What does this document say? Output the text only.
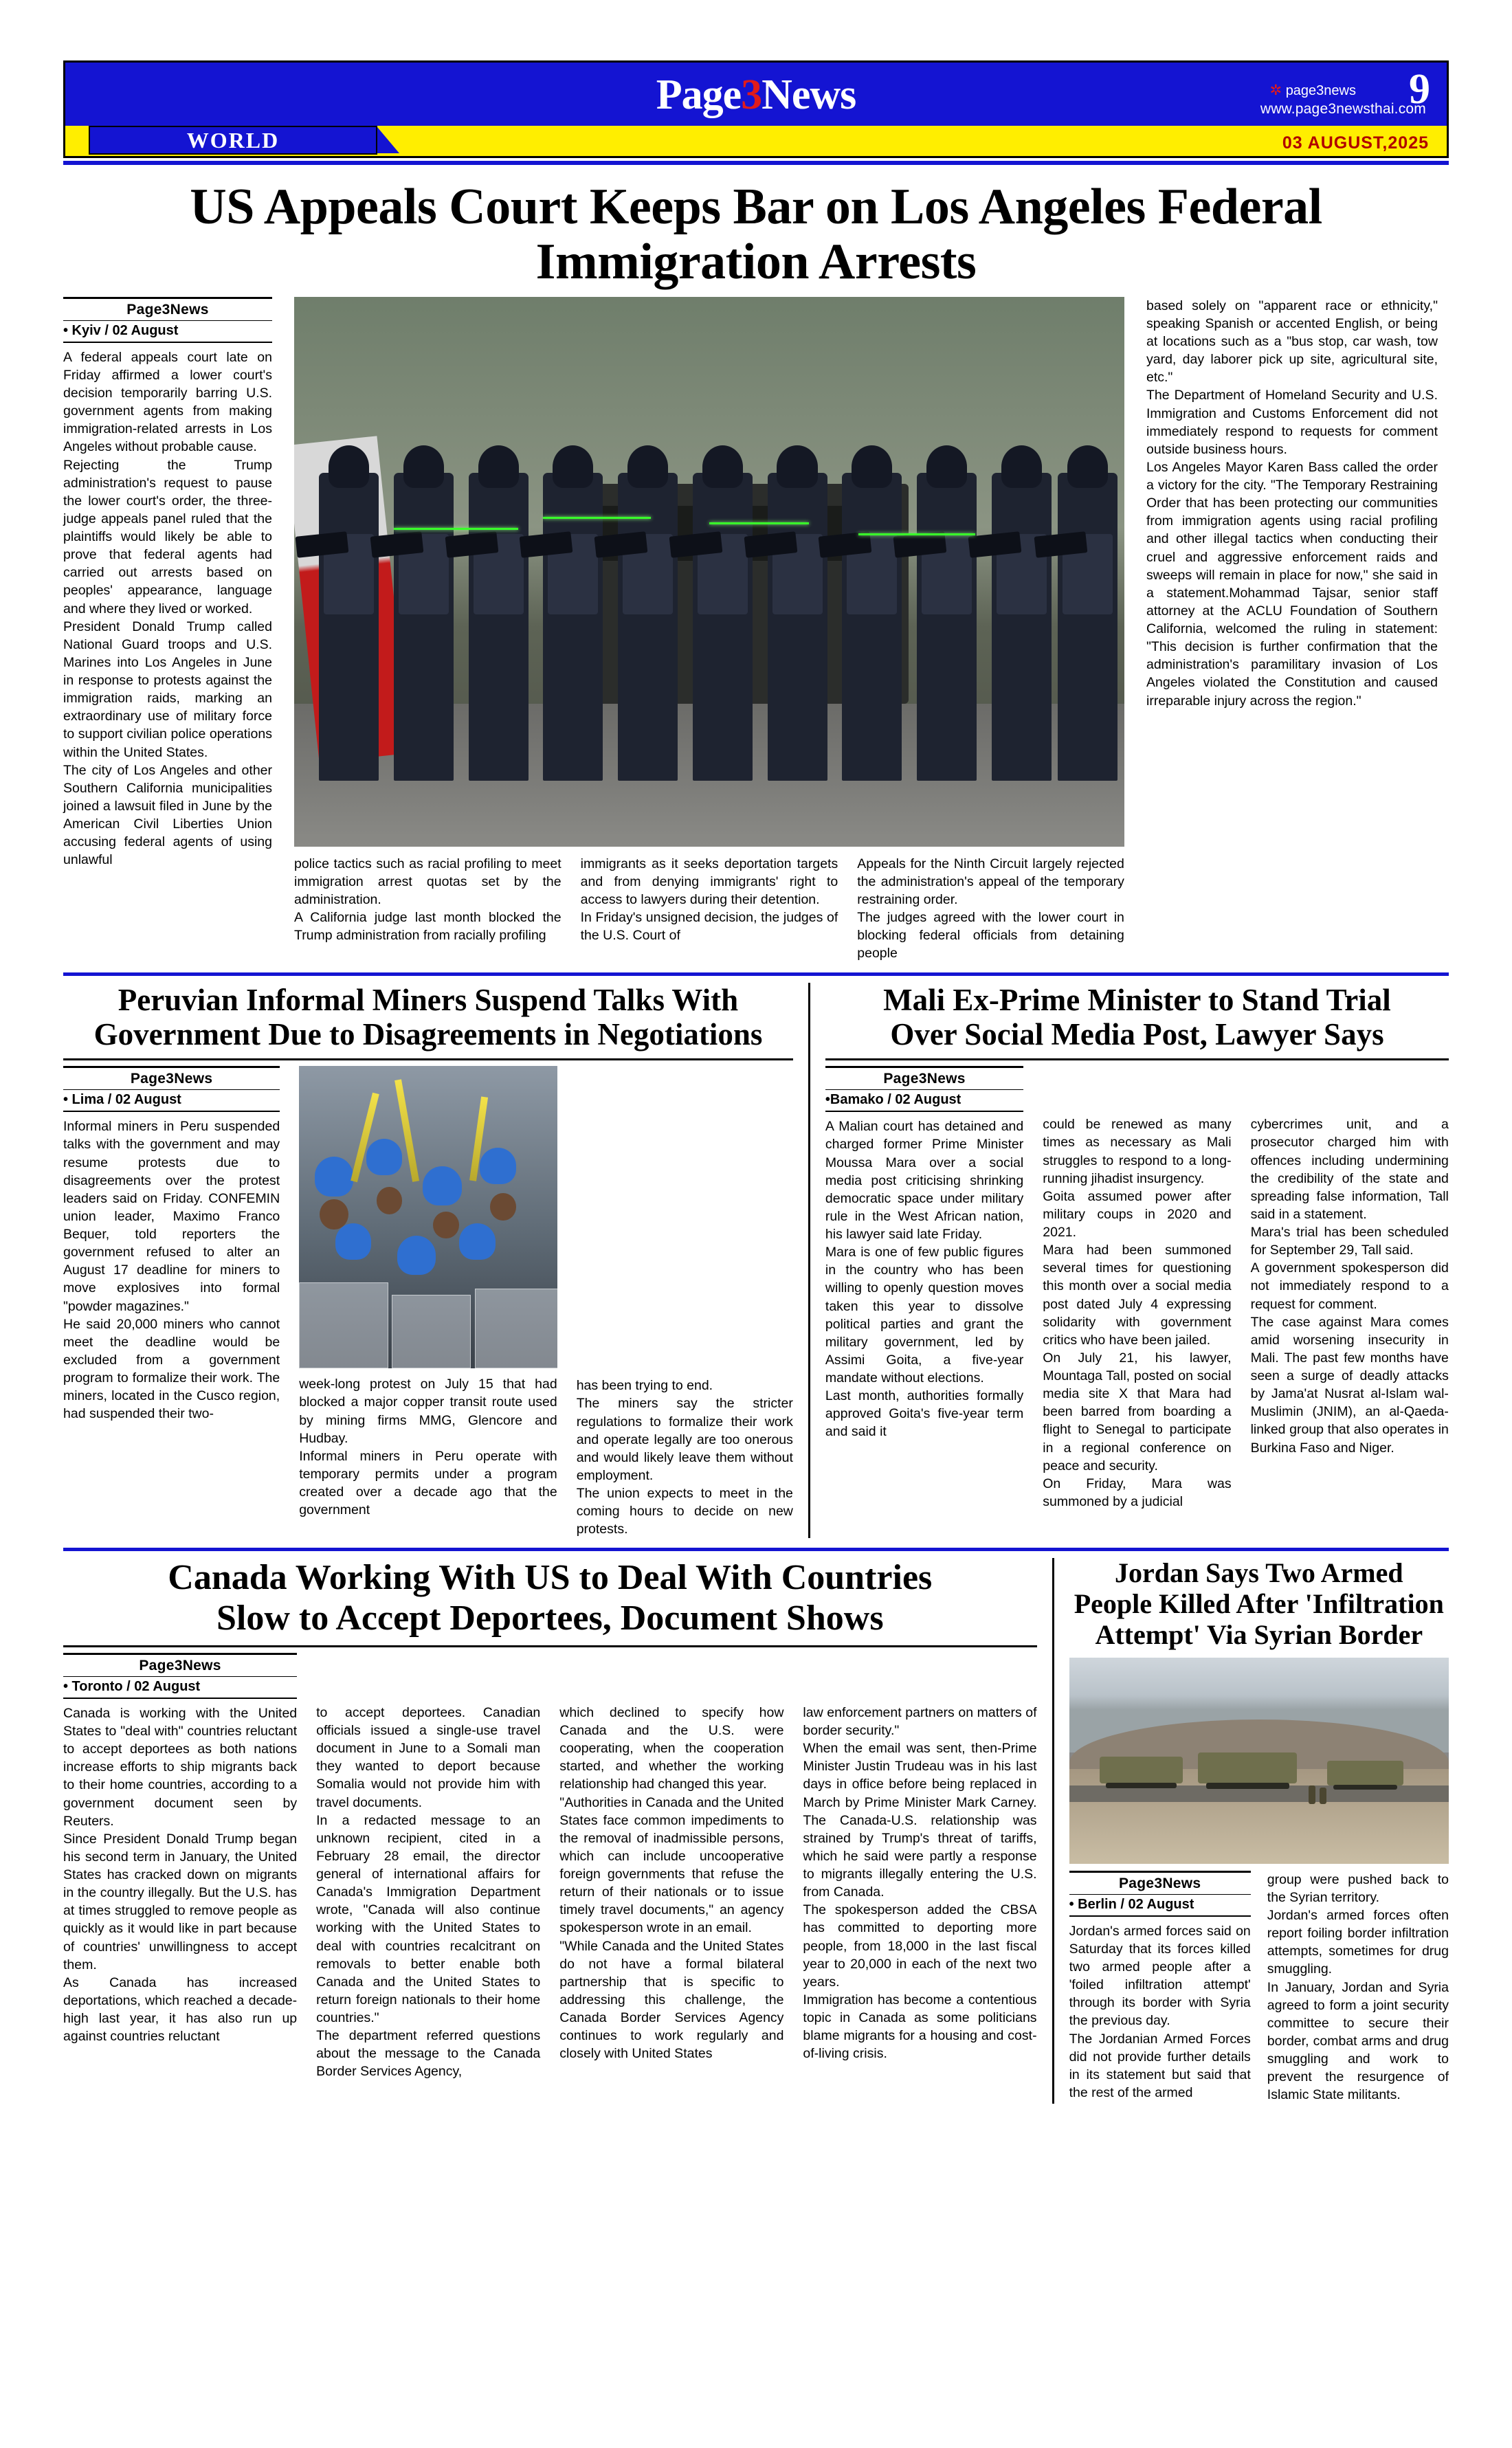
Page3News	✲ page3news
www.page3newsthai.com
9
WORLD	03 AUGUST,2025
US Appeals Court Keeps Bar on Los Angeles Federal Immigration Arrests
Page3News
• Kyiv / 02 August

A federal appeals court late on Friday affirmed a lower court's decision temporarily barring U.S. government agents from making immigration-related arrests in Los Angeles without probable cause.

Rejecting the Trump administration's request to pause the lower court's order, the three-judge appeals panel ruled that the plaintiffs would likely be able to prove that federal agents had carried out arrests based on peoples' appearance, language and where they lived or worked.

President Donald Trump called National Guard troops and U.S. Marines into Los Angeles in June in response to protests against the immigration raids, marking an extraordinary use of military force to support civilian police operations within the United States.

The city of Los Angeles and other Southern California municipalities joined a lawsuit filed in June by the American Civil Liberties Union accusing federal agents of using unlawful	police tactics such as racial profiling to meet immigration arrest quotas set by the administration.

A California judge last month blocked the Trump administration from racially profiling

immigrants as it seeks deportation targets and from denying immigrants' right to access to lawyers during their detention.

In Friday's unsigned decision, the judges of the U.S. Court of

Appeals for the Ninth Circuit largely rejected the administration's appeal of the temporary restraining order.

The judges agreed with the lower court in blocking federal officials from detaining people

based solely on "apparent race or ethnicity," speaking Spanish or accented English, or being at locations such as a "bus stop, car wash, tow yard, day laborer pick up site, agricultural site, etc."

The Department of Homeland Security and U.S. Immigration and Customs Enforcement did not immediately respond to requests for comment outside business hours.

Los Angeles Mayor Karen Bass called the order a victory for the city. "The Temporary Restraining Order that has been protecting our communities from immigration agents using racial profiling and other illegal tactics when conducting their cruel and aggressive enforcement raids and sweeps will remain in place for now," she said in a statement.Mohammad Tajsar, senior staff attorney at the ACLU Foundation of Southern California, welcomed the ruling in statement: "This decision is further confirmation that the administration's paramilitary invasion of Los Angeles violated the Constitution and caused irreparable injury across the region."

Peruvian Informal Miners Suspend Talks With
Government Due to Disagreements in Negotiations
Page3News
• Lima / 02 August

Informal miners in Peru suspended talks with the government and may resume protests due to disagreements over the protest leaders said on Friday. CONFEMIN union leader, Maximo Franco Bequer, told reporters the government refused to alter an August 17 deadline for miners to move explosives into formal "powder magazines."

He said 20,000 miners who cannot meet the deadline would be excluded from a government program to formalize their work. The miners, located in the Cusco region, had suspended their two-

week-long protest on July 15 that had blocked a major copper transit route used by mining firms MMG, Glencore and Hudbay.

Informal miners in Peru operate with temporary permits under a program created over a decade ago that the government

has been trying to end.

The miners say the stricter regulations to formalize their work and operate legally are too onerous and would likely leave them without employment.

The union expects to meet in the coming hours to decide on new protests.

Mali Ex-Prime Minister to Stand Trial
Over Social Media Post, Lawyer Says
Page3News
•Bamako / 02 August

A Malian court has detained and charged former Prime Minister Moussa Mara over a social media post criticising shrinking democratic space under military rule in the West African nation, his lawyer said late Friday.

Mara is one of few public figures in the country who has been willing to openly question moves taken this year to dissolve political parties and grant the military government, led by Assimi Goita, a five-year mandate without elections.

Last month, authorities formally approved Goita's five-year term and said it

could be renewed as many times as necessary as Mali struggles to respond to a long-running jihadist insurgency.

Goita assumed power after military coups in 2020 and 2021.

Mara had been summoned several times for questioning this month over a social media post dated July 4 expressing solidarity with government critics who have been jailed.

On July 21, his lawyer, Mountaga Tall, posted on social media site X that Mara had been barred from boarding a flight to Senegal to participate in a regional conference on peace and security.

On Friday, Mara was summoned by a judicial

cybercrimes unit, and a prosecutor charged him with offences including undermining the credibility of the state and spreading false information, Tall said in a statement.

Mara's trial has been scheduled for September 29, Tall said.

A government spokesperson did not immediately respond to a request for comment.

The case against Mara comes amid worsening insecurity in Mali. The past few months have seen a surge of deadly attacks by Jama'at Nusrat al-Islam wal-Muslimin (JNIM), an al-Qaeda-linked group that also operates in Burkina Faso and Niger.

Canada Working With US to Deal With Countries
Slow to Accept Deportees, Document Shows
Page3News
• Toronto / 02 August

Canada is working with the United States to "deal with" countries reluctant to accept deportees as both nations increase efforts to ship migrants back to their home countries, according to a government document seen by Reuters.

Since President Donald Trump began his second term in January, the United States has cracked down on migrants in the country illegally. But the U.S. has at times struggled to remove people as quickly as it would like in part because of countries' unwillingness to accept them.

As Canada has increased deportations, which reached a decade-high last year, it has also run up against countries reluctant

to accept deportees. Canadian officials issued a single-use travel document in June to a Somali man they wanted to deport because Somalia would not provide him with travel documents.

In a redacted message to an unknown recipient, cited in a February 28 email, the director general of international affairs for Canada's Immigration Department wrote, "Canada will also continue working with the United States to deal with countries recalcitrant on removals to better enable both Canada and the United States to return foreign nationals to their home countries."

The department referred questions about the message to the Canada Border Services Agency,

which declined to specify how Canada and the U.S. were cooperating, when the cooperation started, and whether the working relationship had changed this year.

"Authorities in Canada and the United States face common impediments to the removal of inadmissible persons, which can include uncooperative foreign governments that refuse the return of their nationals or to issue timely travel documents," an agency spokesperson wrote in an email.

"While Canada and the United States do not have a formal bilateral partnership that is specific to addressing this challenge, the Canada Border Services Agency continues to work regularly and closely with United States

law enforcement partners on matters of border security."

When the email was sent, then-Prime Minister Justin Trudeau was in his last days in office before being replaced in March by Prime Minister Mark Carney. The Canada-U.S. relationship was strained by Trump's threat of tariffs, which he said were partly a response to migrants illegally entering the U.S. from Canada.

The spokesperson added the CBSA has committed to deporting more people, from 18,000 in the last fiscal year to 20,000 in each of the next two years.

Immigration has become a contentious topic in Canada as some politicians blame migrants for a housing and cost-of-living crisis.

Jordan Says Two Armed
People Killed After 'Infiltration
Attempt' Via Syrian Border
Page3News
• Berlin / 02 August

Jordan's armed forces said on Saturday that its forces killed two armed people after a 'foiled infiltration attempt' through its border with Syria the previous day.

The Jordanian Armed Forces did not provide further details in its statement but said that the rest of the armed

group were pushed back to the Syrian territory.

Jordan's armed forces often report foiling border infiltration attempts, sometimes for drug smuggling.

In January, Jordan and Syria agreed to form a joint security committee to secure their border, combat arms and drug smuggling and work to prevent the resurgence of Islamic State militants.
